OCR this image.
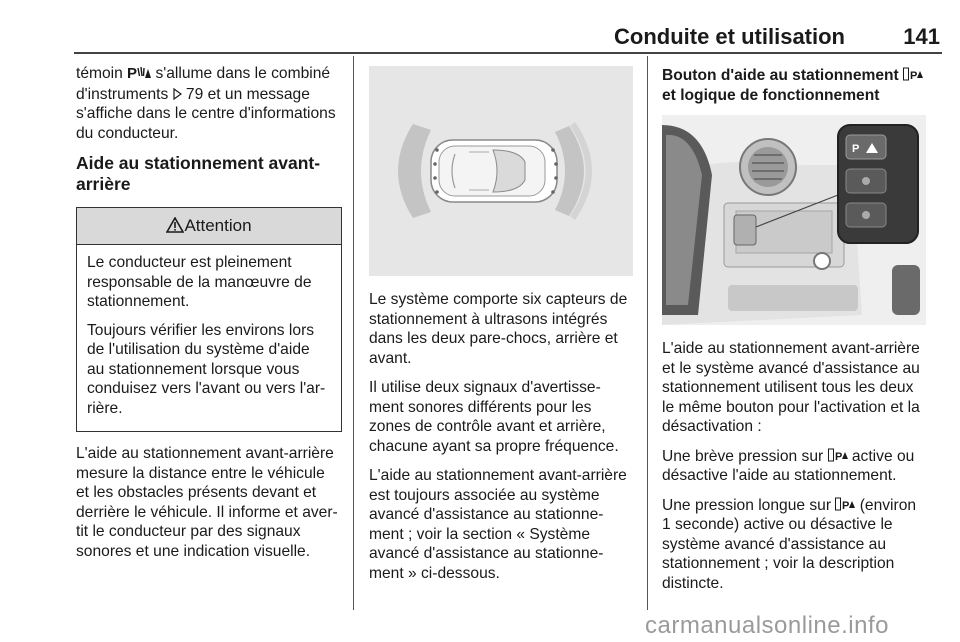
Conduite et utilisation	141

témoin P s'allume dans le combiné
d'instruments  79 et un message
s'affiche dans le centre d'informations
du conducteur.

Aide au stationnement avant-
arrière
Attention

Le conducteur est pleinement responsable de la manœuvre de stationnement.

Toujours vérifier les environs lors de l'utilisation du système d'aide au stationnement lorsque vous conduisez vers l'avant ou vers l'ar-rière.

L'aide au stationnement avant-arrière mesure la distance entre le véhicule et les obstacles présents devant et derrière le véhicule. Il informe et aver-tit le conducteur par des signaux sonores et une indication visuelle.

Le système comporte six capteurs de stationnement à ultrasons intégrés dans les deux pare-chocs, arrière et avant.

Il utilise deux signaux d'avertisse-ment sonores différents pour les zones de contrôle avant et arrière, chacune ayant sa propre fréquence.

L'aide au stationnement avant-arrière est toujours associée au système avancé d'assistance au stationne-ment ; voir la section « Système avancé d'assistance au stationne-ment » ci-dessous.

Bouton d'aide au stationnement P

et logique de fonctionnement
P

L'aide au stationnement avant-arrière et le système avancé d'assistance au stationnement utilisent tous les deux le même bouton pour l'activation et la désactivation :

Une brève pression sur P active ou désactive l'aide au stationnement.

Une pression longue sur P (environ 1 seconde) active ou désactive le système avancé d'assistance au stationnement ; voir la description distincte.

carmanualsonline.info
